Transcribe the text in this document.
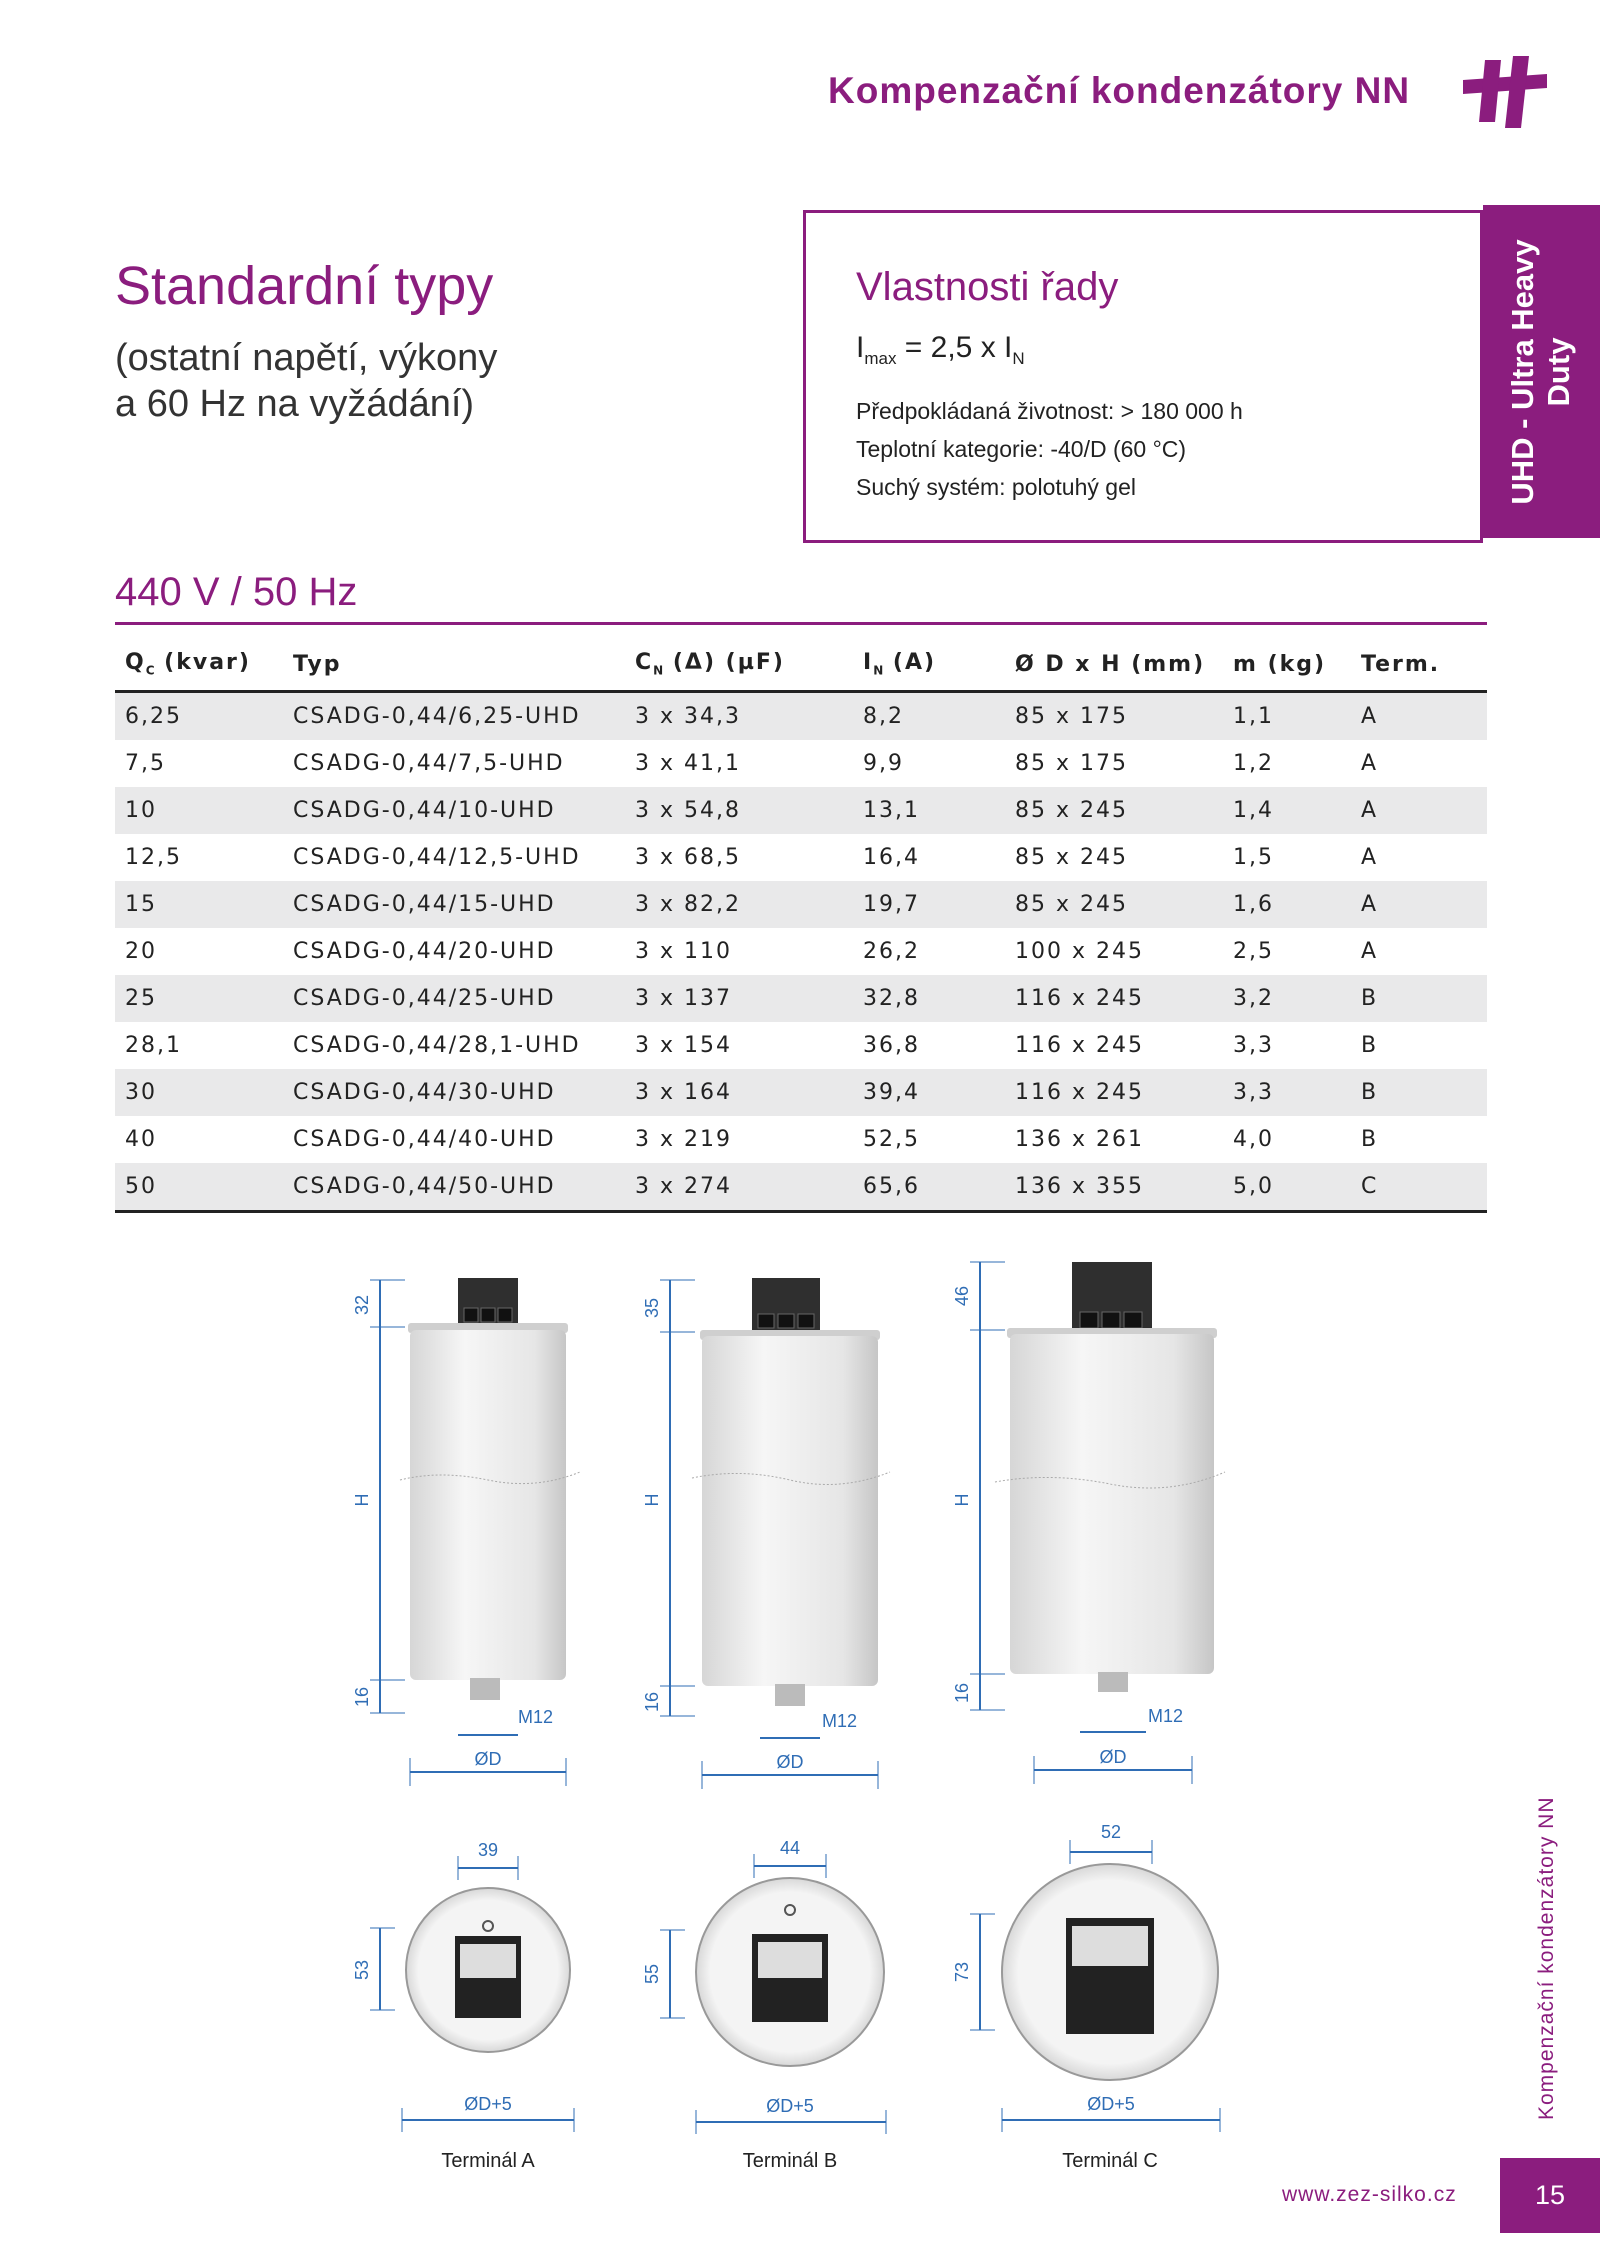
Kompenzační kondenzátory NN
Standardní typy
(ostatní napětí, výkony
a 60 Hz na vyžádání)
Vlastnosti řady
$I_{max} = 2,5$ x $I_N$
Předpokládaná životnost: > 180 000 h
Teplotní kategorie: -40/D (60 °C)
Suchý systém: polotuhý gel	UHD - Ultra Heavy Duty
440 V / 50 Hz
$Q_C$ (kvar)	Typ	$C_N$ (Δ) (µF)	$I_N$ (A)	Ø D x H (mm)	m (kg)	Term.
6,25	CSADG-0,44/6,25-UHD	3 x 34,3	8,2	85 x 175	1,1	A
7,5	CSADG-0,44/7,5-UHD	3 x 41,1	9,9	85 x 175	1,2	A
10	CSADG-0,44/10-UHD	3 x 54,8	13,1	85 x 245	1,4	A
12,5	CSADG-0,44/12,5-UHD	3 x 68,5	16,4	85 x 245	1,5	A
15	CSADG-0,44/15-UHD	3 x 82,2	19,7	85 x 245	1,6	A
20	CSADG-0,44/20-UHD	3 x 110	26,2	100 x 245	2,5	A
25	CSADG-0,44/25-UHD	3 x 137	32,8	116 x 245	3,2	B
28,1	CSADG-0,44/28,1-UHD	3 x 154	36,8	116 x 245	3,3	B
30	CSADG-0,44/30-UHD	3 x 164	39,4	116 x 245	3,3	B
40	CSADG-0,44/40-UHD	3 x 219	52,5	136 x 261	4,0	B
50	CSADG-0,44/50-UHD	3 x 274	65,6	136 x 355	5,0	C
32
H
16
M12
ØD
35
H
16
M12
ØD
46
H
16
M12
ØD
39
53
ØD+5
Terminál A
44
55
ØD+5
Terminál B
52
73
ØD+5
Terminál C
Kompenzační kondenzátory NN
www.zez-silko.cz	15
